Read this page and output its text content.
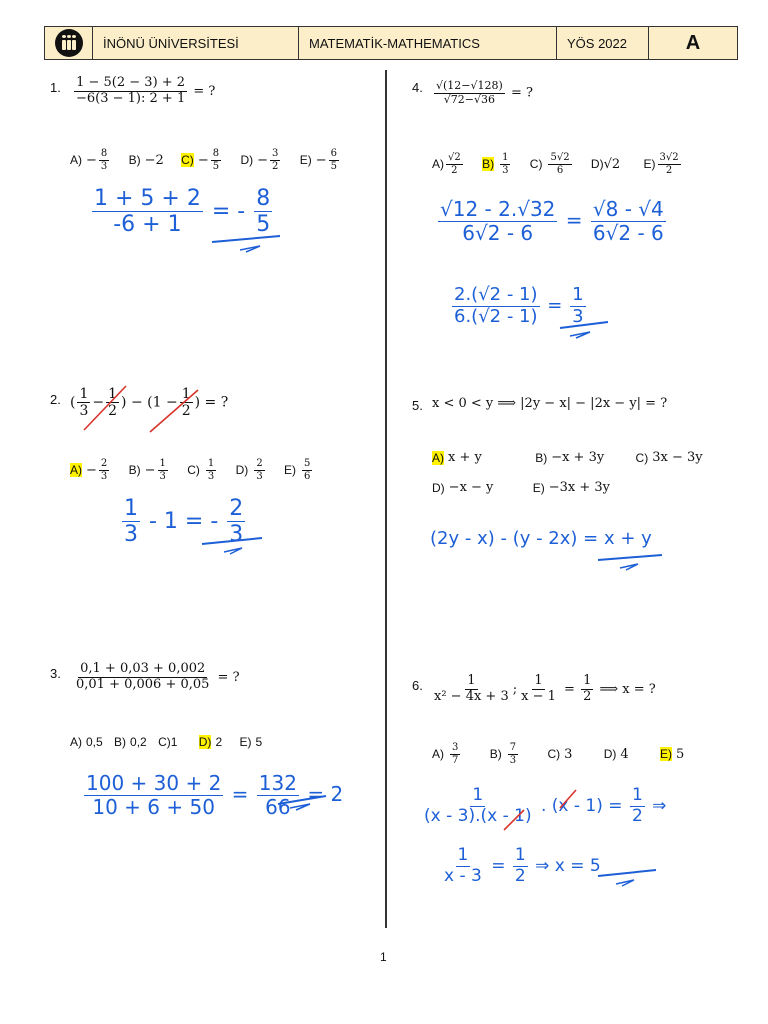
İNÖNÜ ÜNİVERSİTESİ	MATEMATİK-MATHEMATICS	YÖS 2022	A
1. $\frac{1 - 5(2 - 3) + 2}{-6(3 - 1): 2 + 1}$ = ?
$A) - \frac{8}{3}$
B) −2
$C) - \frac{8}{5}$
$D) - \frac{3}{2}$
$E) - \frac{6}{5}$
$\frac{1 + 5 + 2}{-6 + 1}$ = - $\frac{8}{5}$
2. ( $\frac{1}{3} - \frac{1}{2}$ ) − ($1 - \frac{1}{2}$ ) = ?
$A) - \frac{2}{3}$
$B) - \frac{1}{3}$
$C) \frac{1}{3}$
$D) \frac{2}{3}$
$E) \frac{5}{6}$
$\frac{1}{3} - 1$ = - $\frac{2}{3}$
3. $\frac{0,1 + 0,03 + 0,002}{0,01 + 0,006 + 0,05}$ = ?
A) 0,5
B) 0,2
C) 1
D) 2
E) 5
$\frac{100 + 30 + 2}{10 + 6 + 50} = \frac{132}{66} = 2$
4. $\frac{√(12-√128)}{√72-√36}$ = ?
$A) \frac{√2}{2}$
$B) \frac{1}{3}$
$C) \frac{5√2}{6}$
D) √2
$E) \frac{3√2}{2}$
$\frac{√12 - 2.√32}{6√2 - 6} = \frac{√8 - √4}{6√2 - 6}$
$\frac{2.(√2 - 1)}{6.(√2 - 1)} = \frac{1}{3}$
5. x < 0 < y ⟹ |2y − x| − |2x − y| = ?
A) x + y
	B) −x + 3y
	C) 3x − 3y
D) −x − y
	E) −3x + 3y
(2y - x) - (y - 2x) = x + y
6. $\frac{1}{\text{x² − 4x + 3}}$ ; $\frac{1}{x - 1} = \frac{1}{2}$ ⟹ x = ?
$A) \frac{3}{7}$
$B) \frac{7}{3}$
C) 3
	D) 4
	E) 5
$\frac{1}{(x - 3).(x - 1)}$ . $(x - 1) = \frac{1}{2}$ ⇒
$\frac{1}{x - 3} = \frac{1}{2}$ ⇒ x = 5
1
